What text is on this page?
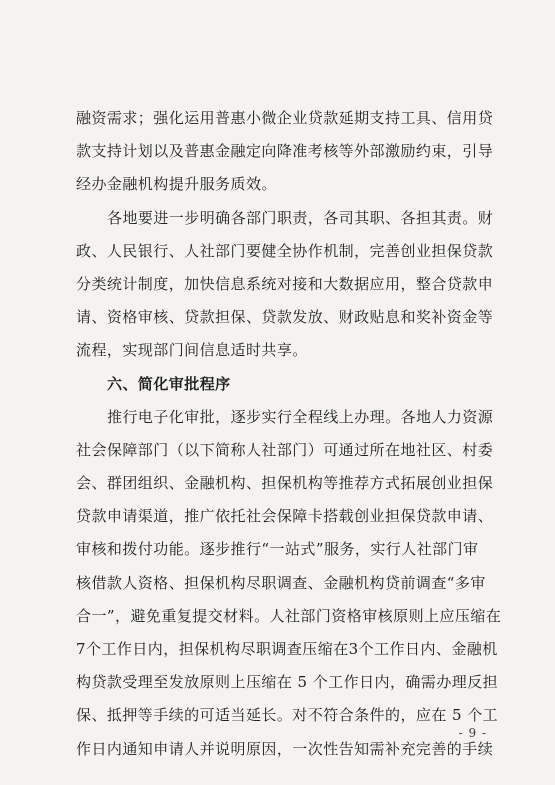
融资需求；强化运用普惠小微企业贷款延期支持工具、信用贷
款支持计划以及普惠金融定向降准考核等外部激励约束，引导
经办金融机构提升服务质效。
各地要进一步明确各部门职责，各司其职、各担其责。财
政、人民银行、人社部门要健全协作机制，完善创业担保贷款
分类统计制度，加快信息系统对接和大数据应用，整合贷款申
请、资格审核、贷款担保、贷款发放、财政贴息和奖补资金等
流程，实现部门间信息适时共享。
六、简化审批程序
推行电子化审批，逐步实行全程线上办理。各地人力资源
社会保障部门（以下简称人社部门）可通过所在地社区、村委
会、群团组织、金融机构、担保机构等推荐方式拓展创业担保
贷款申请渠道，推广依托社会保障卡搭载创业担保贷款申请、
审核和拨付功能。逐步推行“一站式”服务，实行人社部门审
核借款人资格、担保机构尽职调查、金融机构贷前调查“多审
合一”，避免重复提交材料。人社部门资格审核原则上应压缩在
7个工作日内，担保机构尽职调查压缩在3个工作日内、金融机
构贷款受理至发放原则上压缩在 5 个工作日内，确需办理反担
保、抵押等手续的可适当延长。对不符合条件的，应在 5 个工
作日内通知申请人并说明原因，一次性告知需补充完善的手续
- 9 -
